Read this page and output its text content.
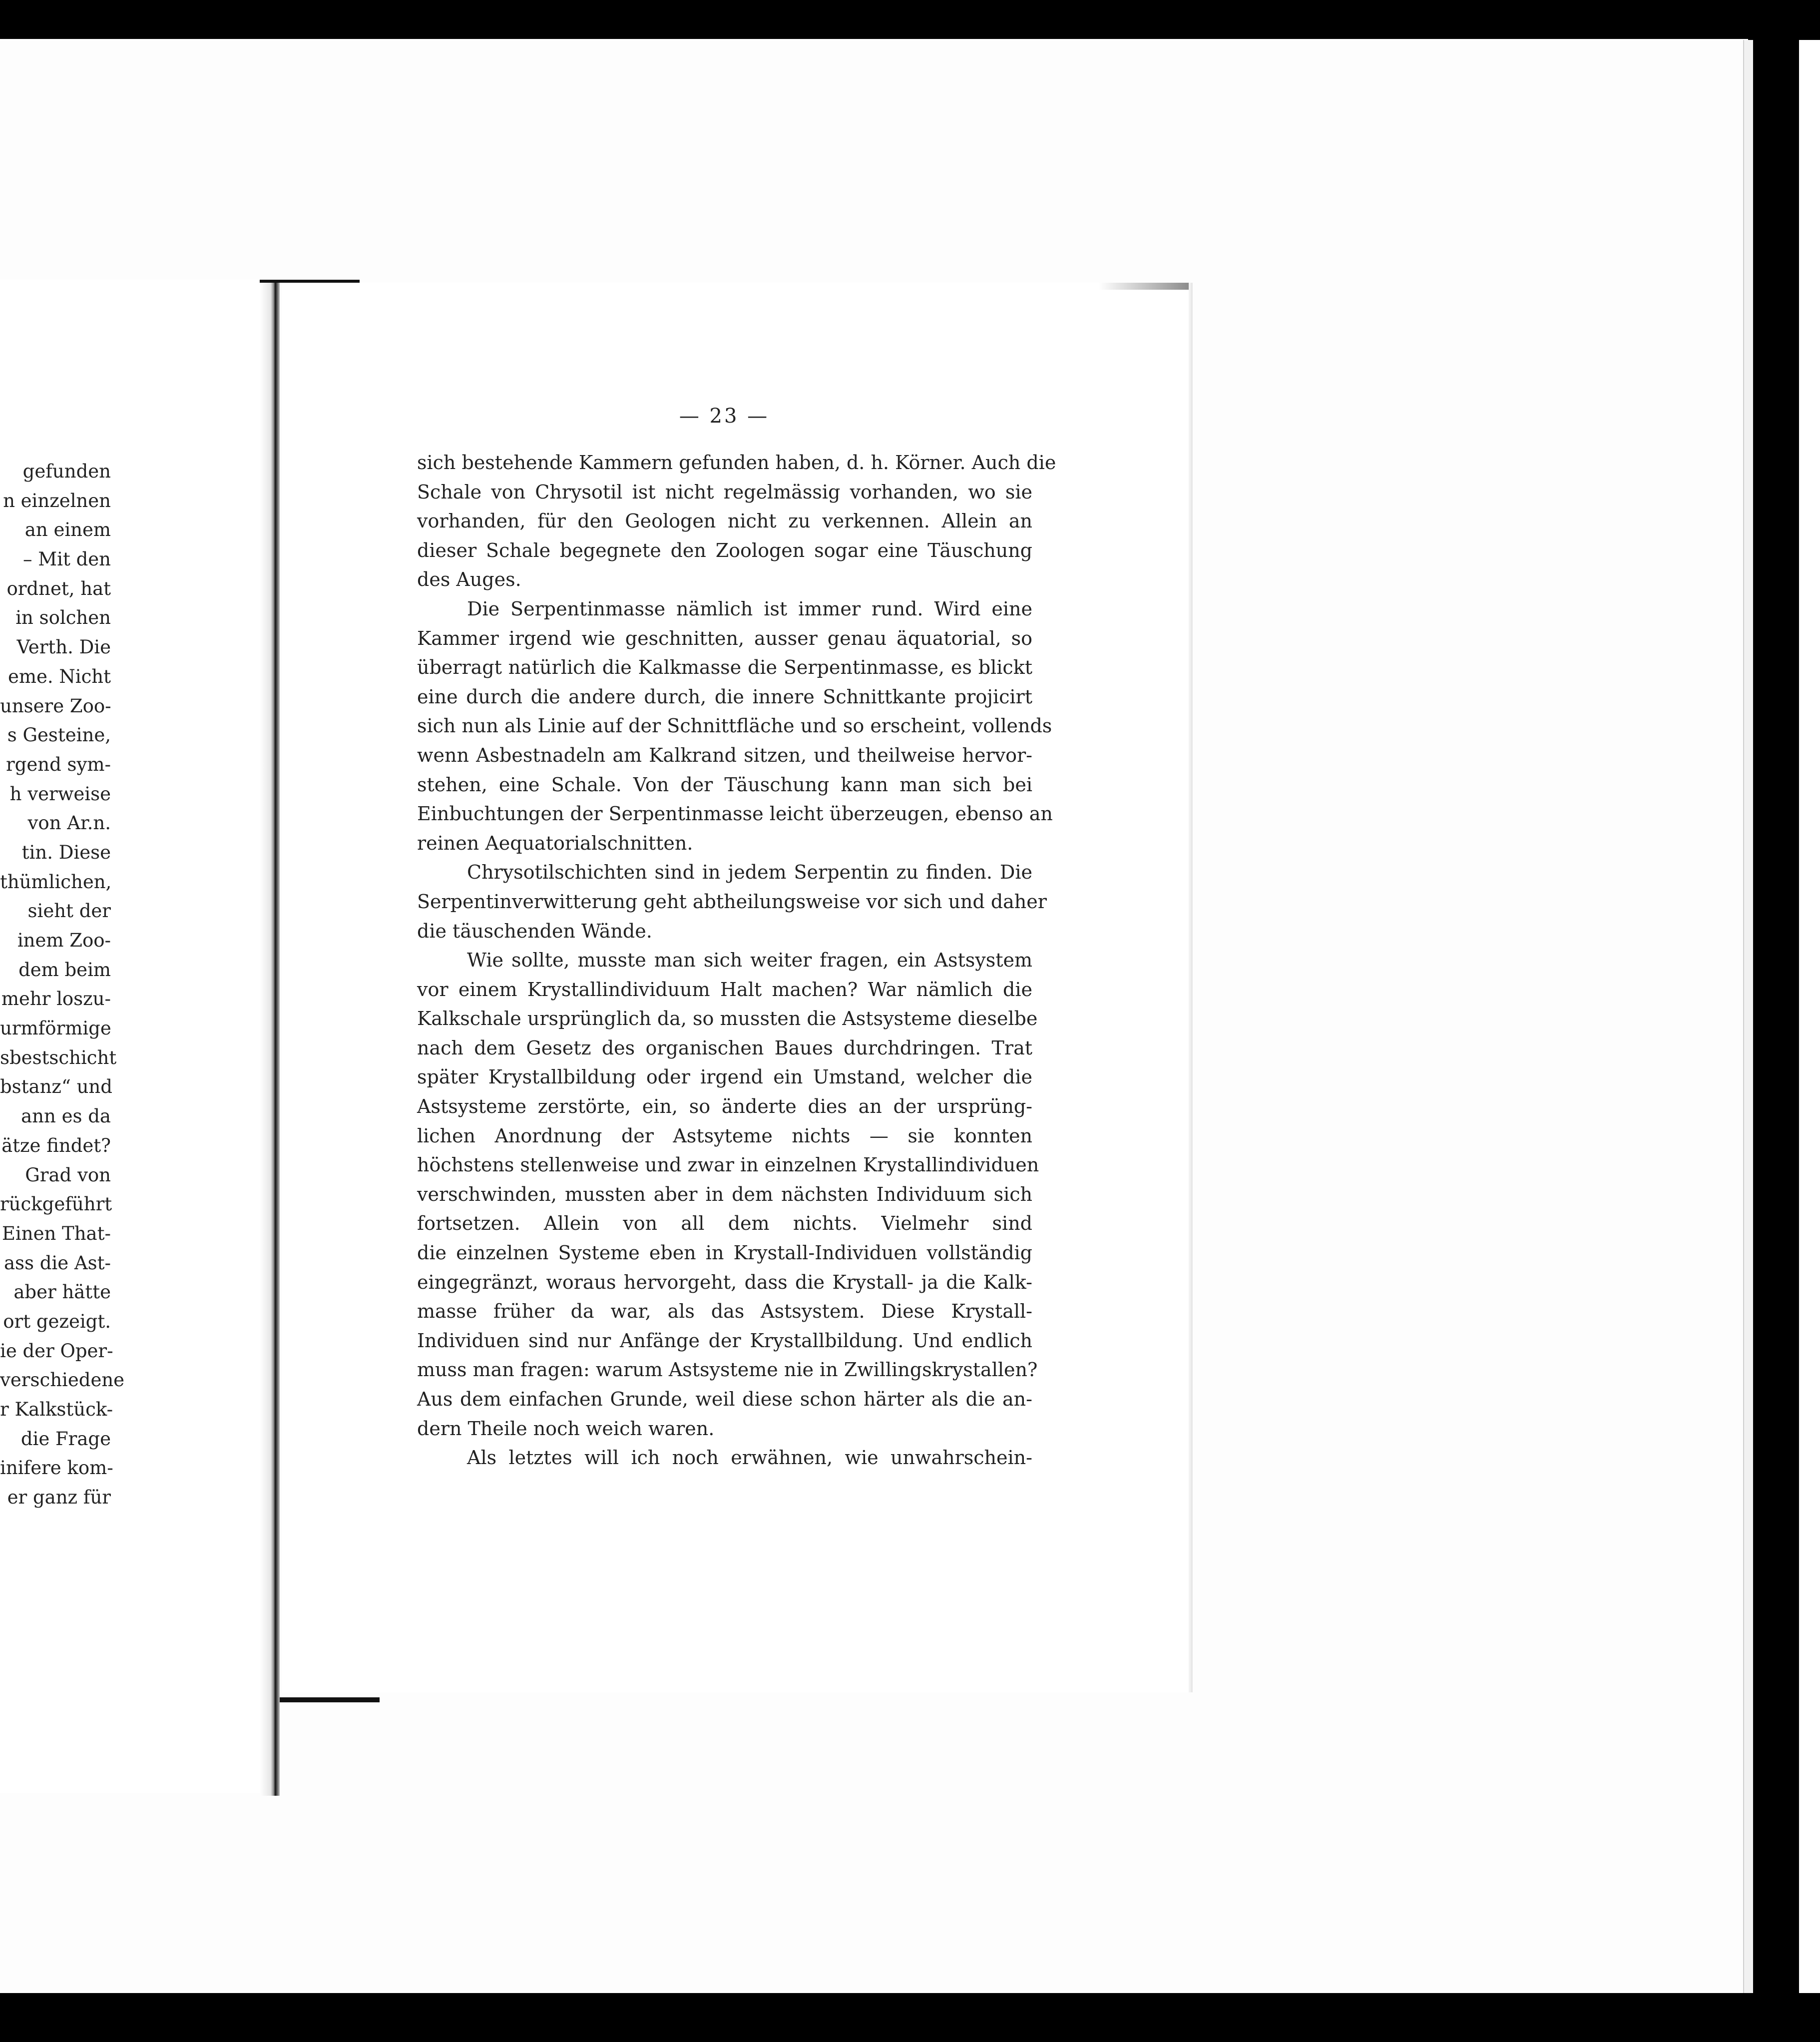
gefunden
n einzelnen
an einem
– Mit den
ordnet, hat
in solchen
Verth. Die
eme. Nicht
unsere Zoo-
s Gesteine,
rgend sym-
h verweise
von Ar.n.
tin. Diese
thümlichen,
sieht der
inem Zoo-
dem beim
mehr loszu-
urmförmige
sbestschicht
bstanz“ und
ann es da
ätze findet?
Grad von
rückgeführt
Einen That-
ass die Ast-
aber hätte
ort gezeigt.
ie der Oper-
verschiedene
r Kalkstück-
die Frage
inifere kom-
er ganz für
— 23 —
sich bestehende Kammern gefunden haben, d. h. Körner. Auch die
Schale von Chrysotil ist nicht regelmässig vorhanden, wo sie
vorhanden, für den Geologen nicht zu verkennen. Allein an
dieser Schale begegnete den Zoologen sogar eine Täuschung
des Auges.
Die Serpentinmasse nämlich ist immer rund. Wird eine
Kammer irgend wie geschnitten, ausser genau äquatorial, so
überragt natürlich die Kalkmasse die Serpentinmasse, es blickt
eine durch die andere durch, die innere Schnittkante projicirt
sich nun als Linie auf der Schnittfläche und so erscheint, vollends
wenn Asbestnadeln am Kalkrand sitzen, und theilweise hervor-
stehen, eine Schale. Von der Täuschung kann man sich bei
Einbuchtungen der Serpentinmasse leicht überzeugen, ebenso an
reinen Aequatorialschnitten.
Chrysotilschichten sind in jedem Serpentin zu finden. Die
Serpentinverwitterung geht abtheilungsweise vor sich und daher
die täuschenden Wände.
Wie sollte, musste man sich weiter fragen, ein Astsystem
vor einem Krystallindividuum Halt machen? War nämlich die
Kalkschale ursprünglich da, so mussten die Astsysteme dieselbe
nach dem Gesetz des organischen Baues durchdringen. Trat
später Krystallbildung oder irgend ein Umstand, welcher die
Astsysteme zerstörte, ein, so änderte dies an der ursprüng-
lichen Anordnung der Astsyteme nichts — sie konnten
höchstens stellenweise und zwar in einzelnen Krystallindividuen
verschwinden, mussten aber in dem nächsten Individuum sich
fortsetzen. Allein von all dem nichts. Vielmehr sind
die einzelnen Systeme eben in Krystall-Individuen vollständig
eingegränzt, woraus hervorgeht, dass die Krystall- ja die Kalk-
masse früher da war, als das Astsystem. Diese Krystall-
Individuen sind nur Anfänge der Krystallbildung. Und endlich
muss man fragen: warum Astsysteme nie in Zwillingskrystallen?
Aus dem einfachen Grunde, weil diese schon härter als die an-
dern Theile noch weich waren.
Als letztes will ich noch erwähnen, wie unwahrschein-
